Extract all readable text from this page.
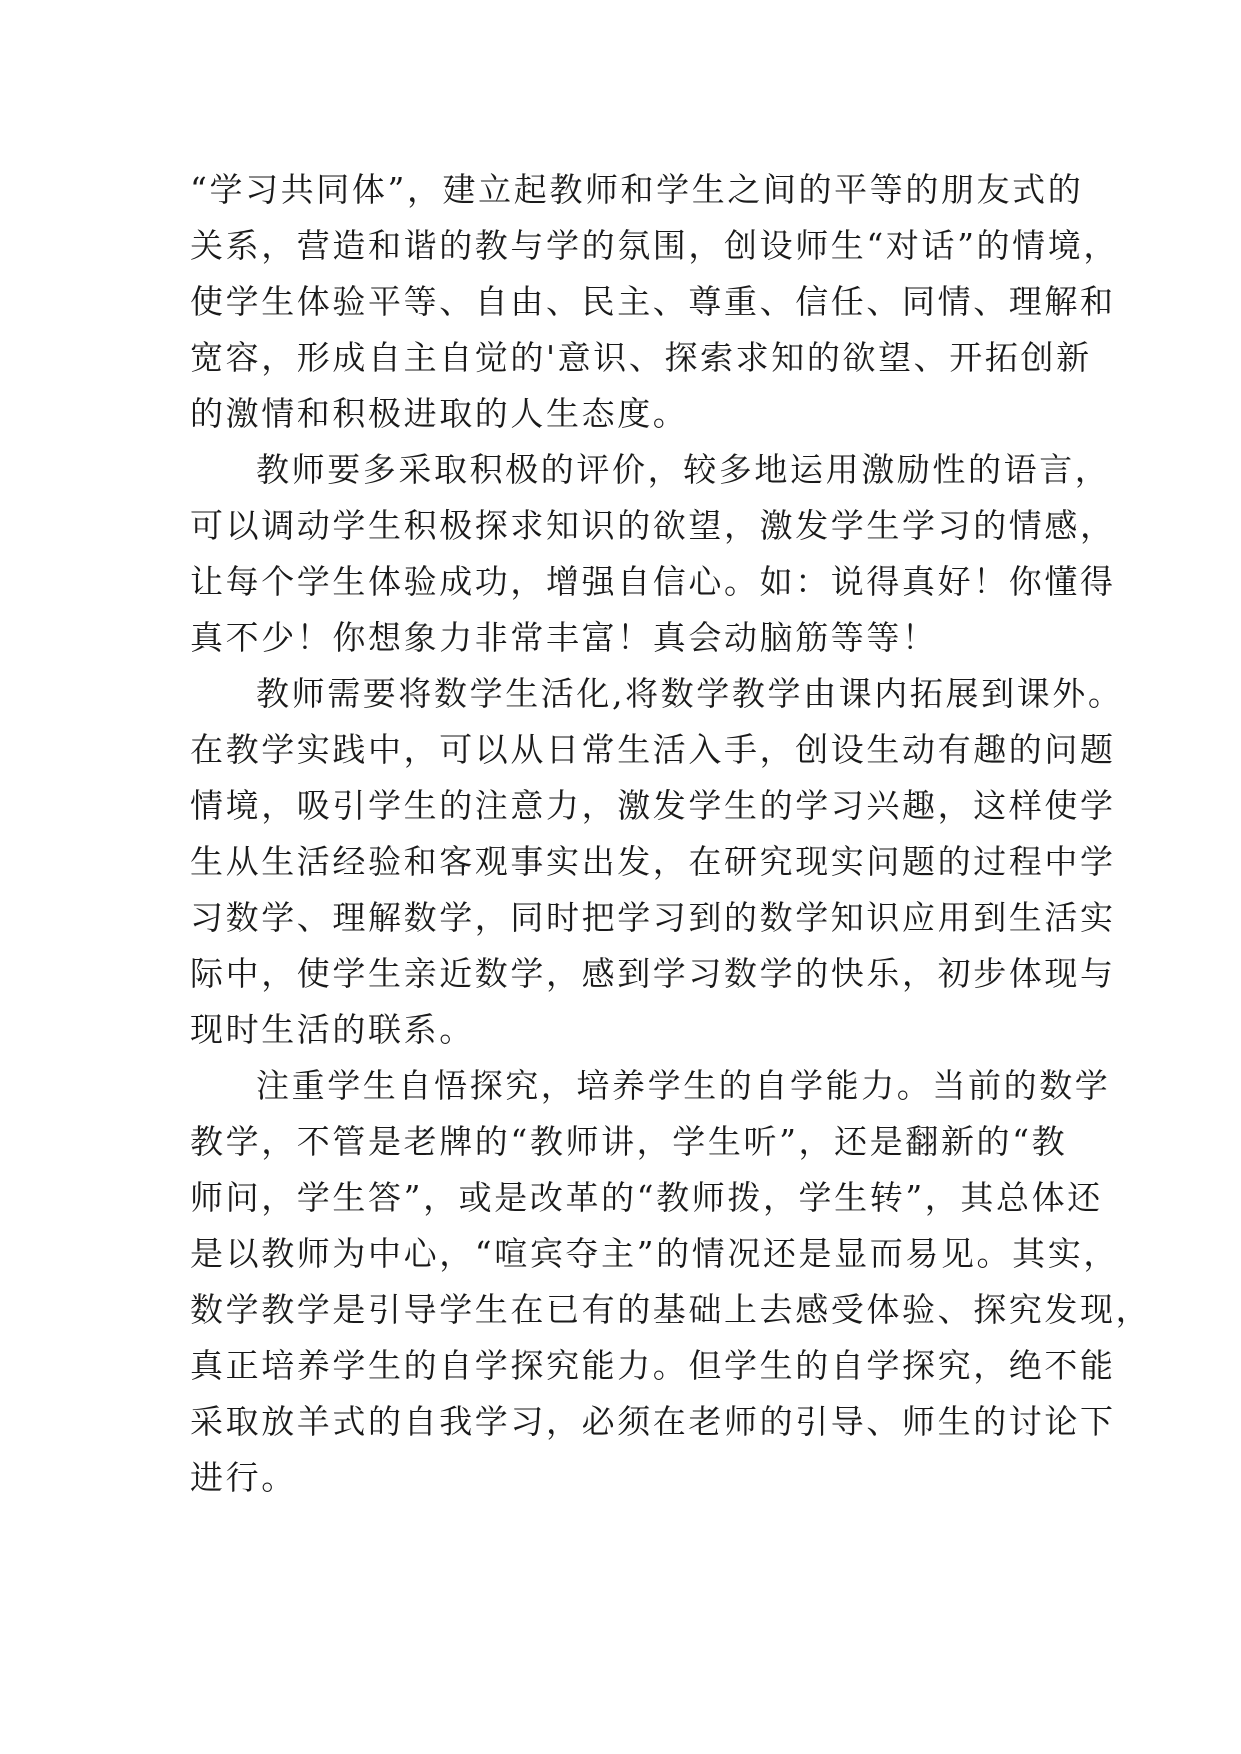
“学习共同体”，建立起教师和学生之间的平等的朋友式的
关系，营造和谐的教与学的氛围，创设师生“对话”的情境，
使学生体验平等、自由、民主、尊重、信任、同情、理解和
宽容，形成自主自觉的'意识、探索求知的欲望、开拓创新
的激情和积极进取的人生态度。
教师要多采取积极的评价，较多地运用激励性的语言，
可以调动学生积极探求知识的欲望，激发学生学习的情感，
让每个学生体验成功，增强自信心。如：说得真好！你懂得
真不少！你想象力非常丰富！真会动脑筋等等！
教师需要将数学生活化,将数学教学由课内拓展到课外。
在教学实践中，可以从日常生活入手，创设生动有趣的问题
情境，吸引学生的注意力，激发学生的学习兴趣，这样使学
生从生活经验和客观事实出发，在研究现实问题的过程中学
习数学、理解数学，同时把学习到的数学知识应用到生活实
际中，使学生亲近数学，感到学习数学的快乐，初步体现与
现时生活的联系。
注重学生自悟探究，培养学生的自学能力。当前的数学
教学，不管是老牌的“教师讲，学生听”，还是翻新的“教
师问，学生答”，或是改革的“教师拨，学生转”，其总体还
是以教师为中心，“喧宾夺主”的情况还是显而易见。其实，
数学教学是引导学生在已有的基础上去感受体验、探究发现，
真正培养学生的自学探究能力。但学生的自学探究，绝不能
采取放羊式的自我学习，必须在老师的引导、师生的讨论下
进行。
